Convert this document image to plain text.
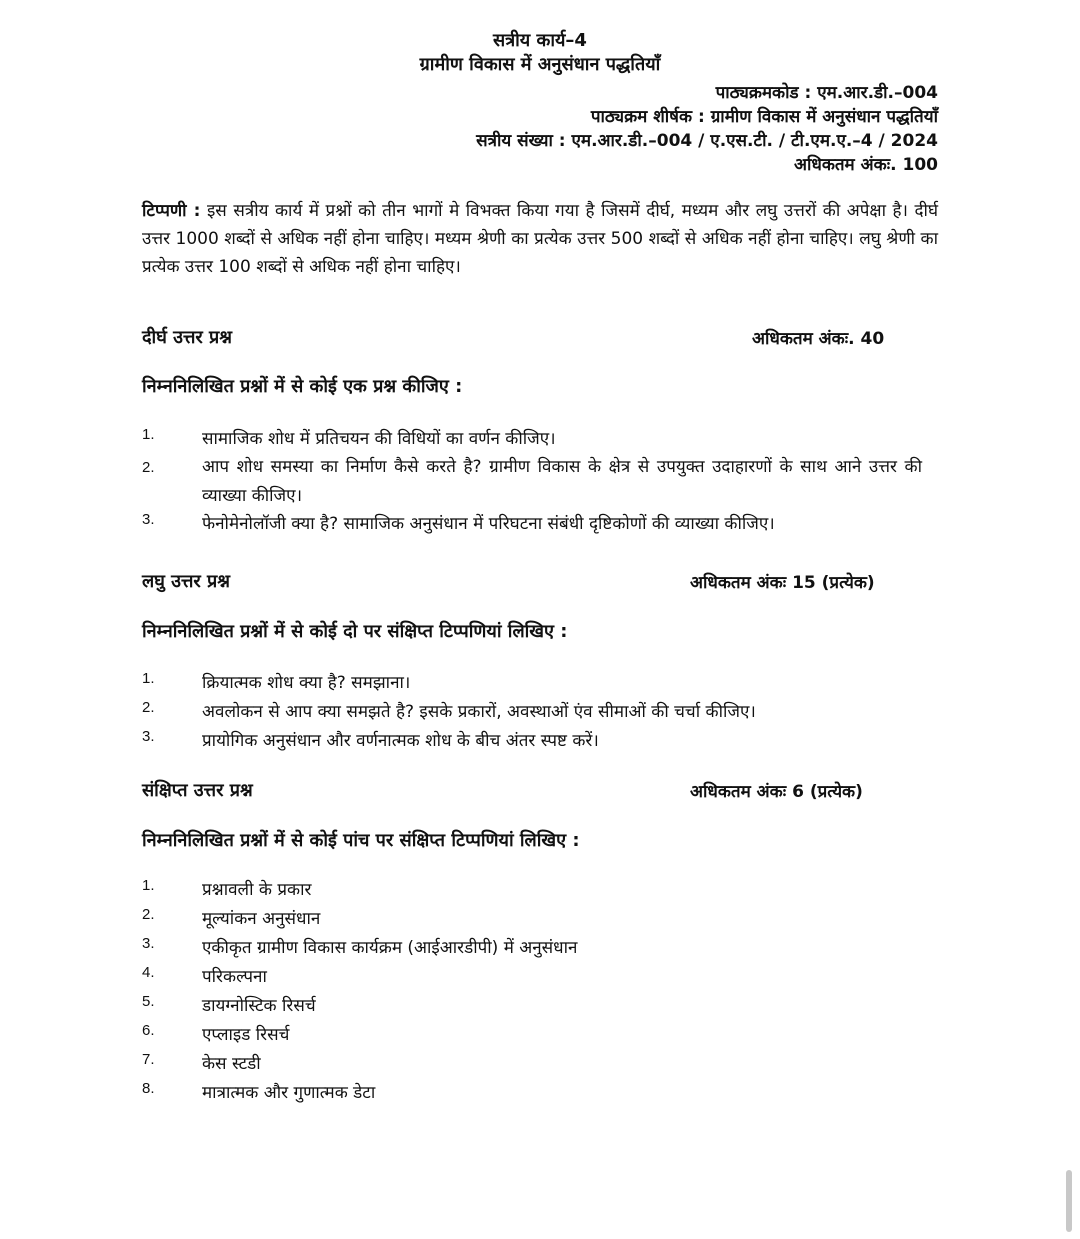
सत्रीय कार्य–4
ग्रामीण विकास में अनुसंधान पद्धतियाँ
पाठ्यक्रमकोड : एम.आर.डी.–004
पाठ्यक्रम शीर्षक : ग्रामीण विकास में अनुसंधान पद्धतियाँ
सत्रीय संख्या : एम.आर.डी.–004 / ए.एस.टी. / टी.एम.ए.–4 / 2024
अधिकतम अंकः. 100
टिप्पणी : इस सत्रीय कार्य में प्रश्नों को तीन भागों मे विभक्त किया गया है जिसमें दीर्घ, मध्यम और लघु उत्तरों की अपेक्षा है। दीर्घ उत्तर 1000 शब्दों से अधिक नहीं होना चाहिए। मध्यम श्रेणी का प्रत्येक उत्तर 500 शब्दों से अधिक नहीं होना चाहिए। लघु श्रेणी का प्रत्येक उत्तर 100 शब्दों से अधिक नहीं होना चाहिए।
दीर्घ उत्तर प्रश्न	अधिकतम अंकः. 40
निम्ननिलिखित प्रश्नों में से कोई एक प्रश्न कीजिए :
1.	सामाजिक शोध में प्रतिचयन की विधियों का वर्णन कीजिए।
2.	आप शोध समस्या का निर्माण कैसे करते है? ग्रामीण विकास के क्षेत्र से उपयुक्त उदाहारणों के साथ आने उत्तर की व्याख्या कीजिए।
3.	फेनोमेनोलॉजी क्या है? सामाजिक अनुसंधान में परिघटना संबंधी दृष्टिकोणों की व्याख्या कीजिए।
लघु उत्तर प्रश्न	अधिकतम अंकः 15 (प्रत्येक)
निम्ननिलिखित प्रश्नों में से कोई दो पर संक्षिप्त टिप्पणियां लिखिए :
1.	क्रियात्मक शोध क्या है? समझाना।
2.	अवलोकन से आप क्या समझते है? इसके प्रकारों, अवस्थाओं एंव सीमाओं की चर्चा कीजिए।
3.	प्रायोगिक अनुसंधान और वर्णनात्मक शोध के बीच अंतर स्पष्ट करें।
संक्षिप्त उत्तर प्रश्न	अधिकतम अंकः 6 (प्रत्येक)
निम्ननिलिखित प्रश्नों में से कोई पांच पर संक्षिप्त टिप्पणियां लिखिए :
1.	प्रश्नावली के प्रकार
2.	मूल्यांकन अनुसंधान
3.	एकीकृत ग्रामीण विकास कार्यक्रम (आईआरडीपी) में अनुसंधान
4.	परिकल्पना
5.	डायग्नोस्टिक रिसर्च
6.	एप्लाइड रिसर्च
7.	केस स्टडी
8.	मात्रात्मक और गुणात्मक डेटा
